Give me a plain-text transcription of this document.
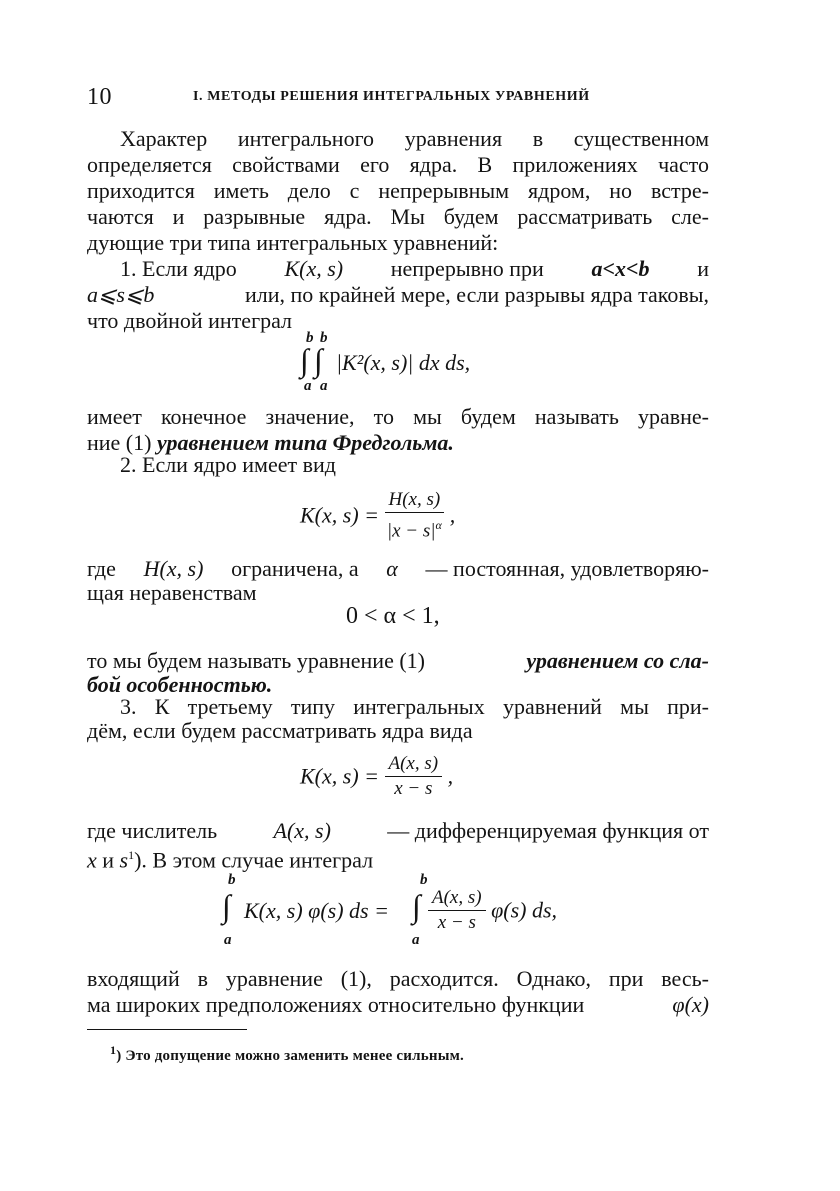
10	I. МЕТОДЫ РЕШЕНИЯ ИНТЕГРАЛЬНЫХ УРАВНЕНИЙ
Характер интегрального уравнения в существенном
определяется свойствами его ядра. В приложениях часто
приходится иметь дело с непрерывным ядром, но встре-
чаются и разрывные ядра. Мы будем рассматривать сле-
дующие три типа интегральных уравнений:
1. Если ядро K(x, s) непрерывно при a<x<b и
a⩽s⩽b	или, по крайней мере, если разрывы ядра таковы,
что двойной интеграл
b b
∫ ∫
a a
|K²(x, s)| dx ds,
имеет конечное значение, то мы будем называть уравне-
ние (1) уравнением типа Фредгольма.
2. Если ядро имеет вид
K(x, $s) = \frac{H(x, s)}{|x - s|^\alpha}$ ,
где H(x, s) ограничена, а α — постоянная, удовлетворяю-
щая неравенствам
0 < α < 1,
то мы будем называть уравнение (1)	уравнением со сла-
бой особенностью.
3. К третьему типу интегральных уравнений мы при-
дём, если будем рассматривать ядра вида
K(x, $s) = \frac{A(x, s)}{x - s}$ ,
где числитель	A(x, s)	— дифференцируемая функция от
x и $s^1$). В этом случае интеграл
b
∫
a
K(x, s) φ(s) ds =
b
∫
a
$\frac{A(x, s)}{x - s} \varphi(s)$ ds,
входящий в уравнение (1), расходится. Однако, при весь-
ма широких предположениях относительно функции	φ(x)
$^1$) Это допущение можно заменить менее сильным.
